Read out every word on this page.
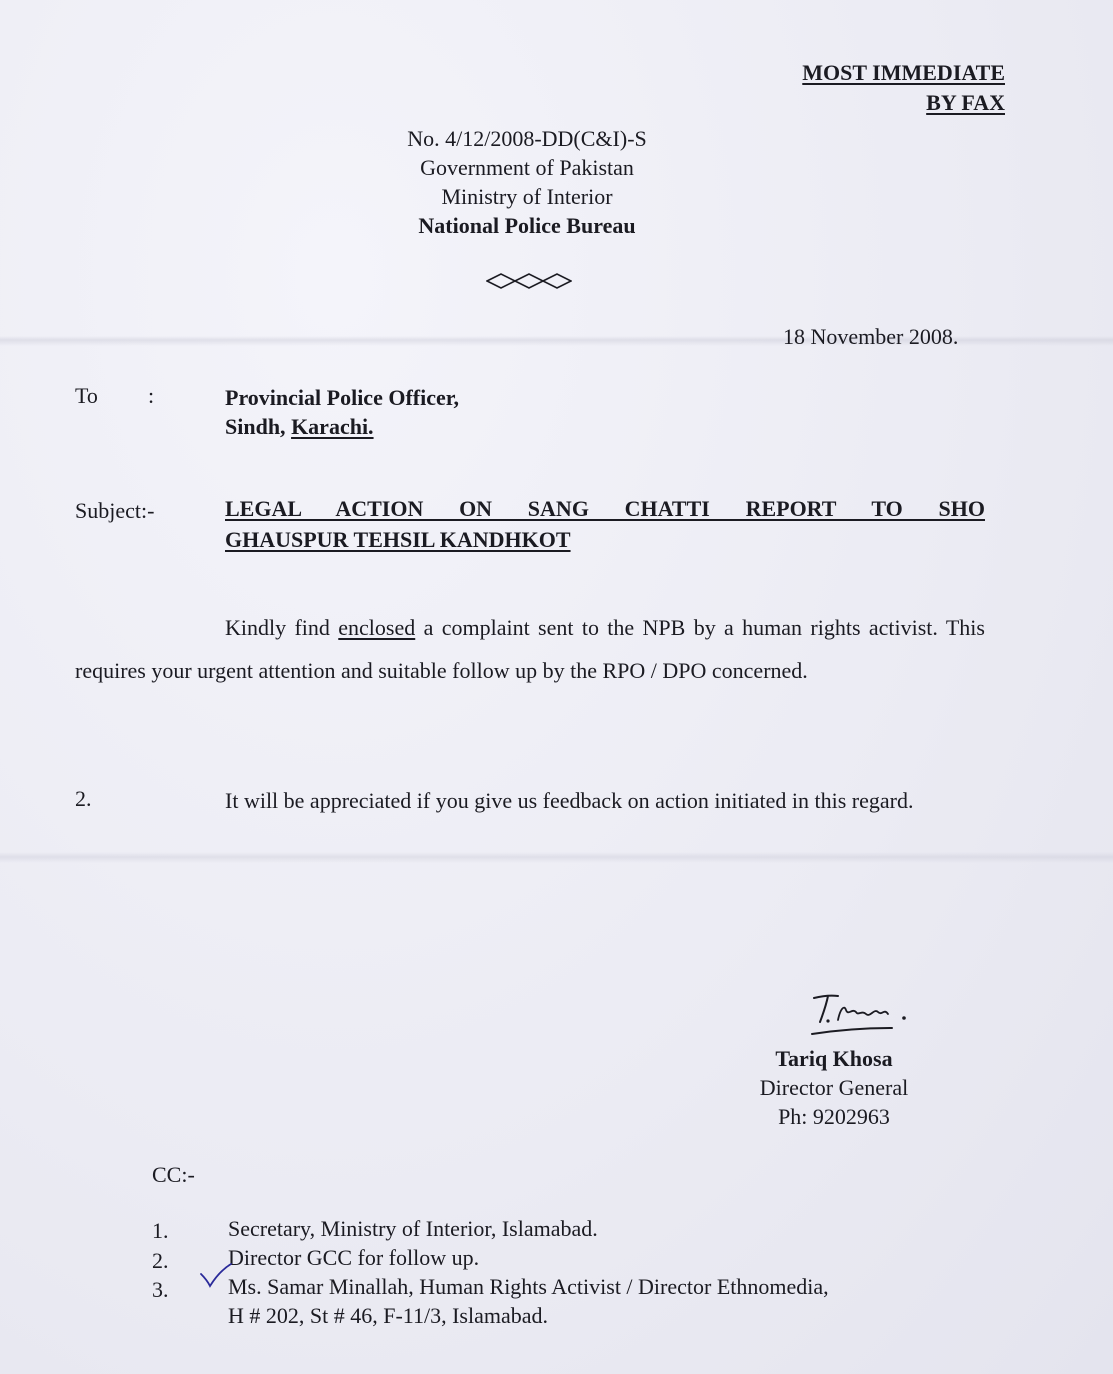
MOST IMMEDIATE
BY FAX
No. 4/12/2008-DD(C&I)-S
Government of Pakistan
Ministry of Interior
National Police Bureau
18 November 2008.
To :	Provincial Police Officer,
Sindh, Karachi.
Subject:-	LEGAL ACTION ON SANG CHATTI REPORT TO SHO
GHAUSPUR TEHSIL KANDHKOT
Kindly find enclosed a complaint sent to the NPB by a human rights activist. This requires your urgent attention and suitable follow up by the RPO / DPO concerned.
2.	It will be appreciated if you give us feedback on action initiated in this regard.
Tariq Khosa
Director General
Ph: 9202963
CC:-
1.	Secretary, Ministry of Interior, Islamabad.
2.	Director GCC for follow up.
3.	Ms. Samar Minallah, Human Rights Activist / Director Ethnomedia,
H # 202, St # 46, F-11/3, Islamabad.
